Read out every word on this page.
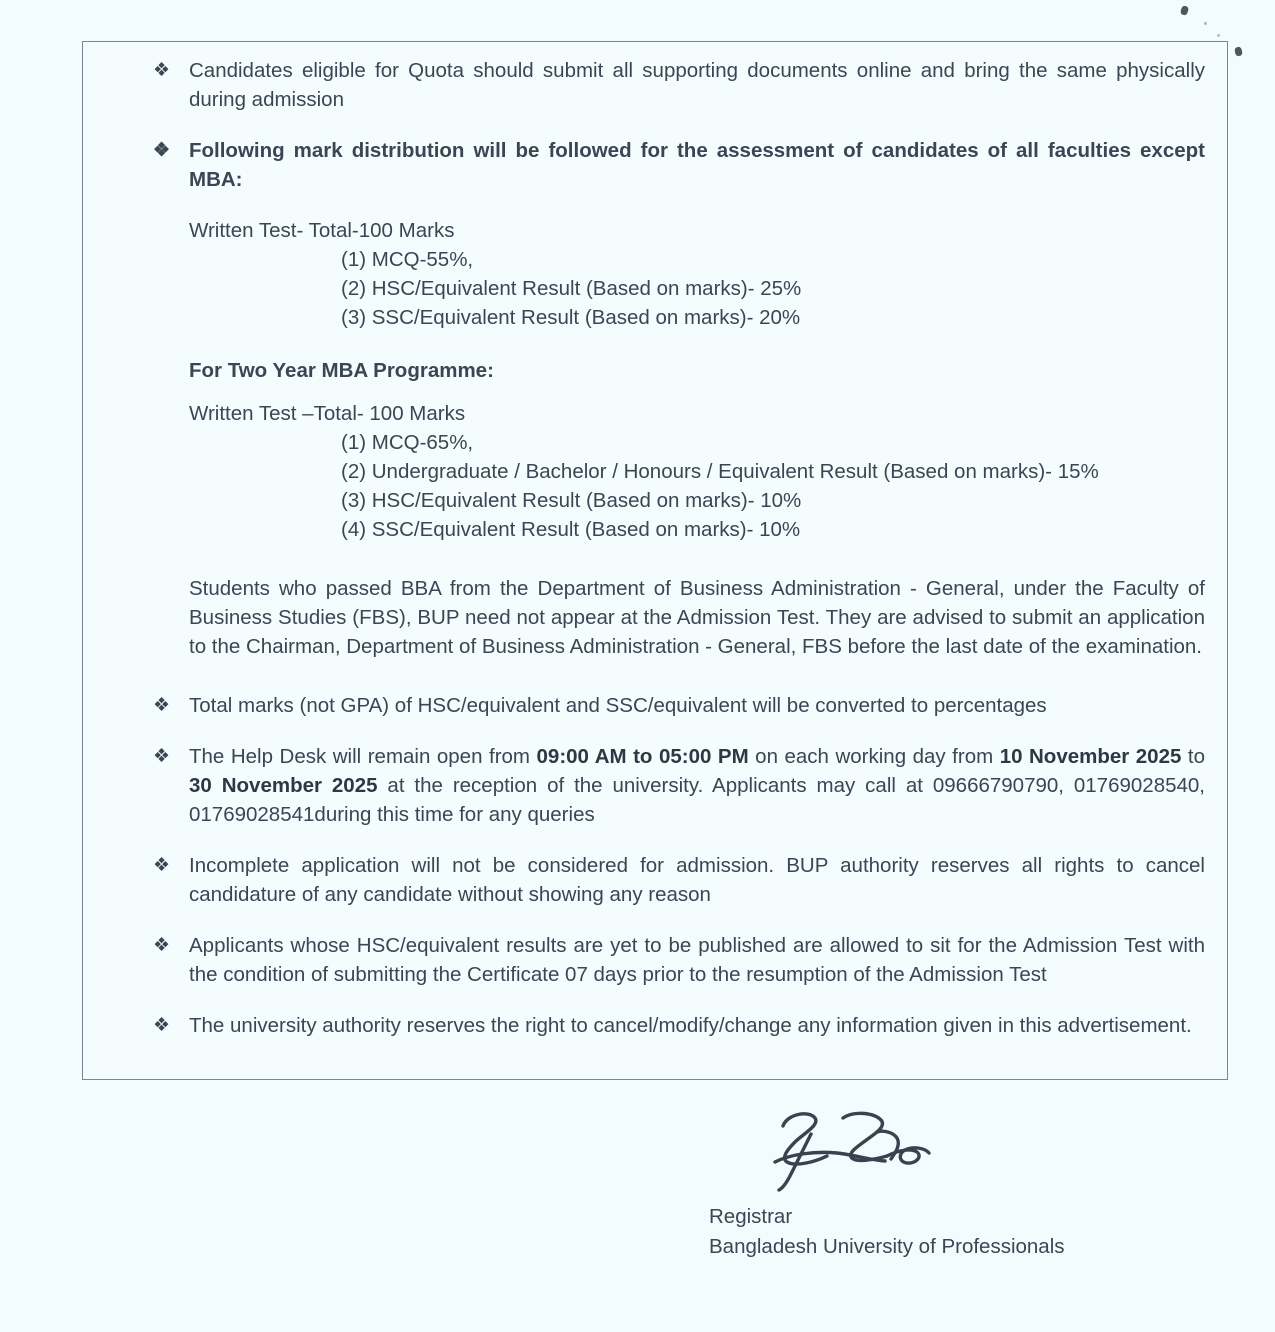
❖ Candidates eligible for Quota should submit all supporting documents online and bring the same physically during admission
❖ Following mark distribution will be followed for the assessment of candidates of all faculties except MBA:

Written Test- Total-100 Marks

(1) MCQ-55%,
(2) HSC/Equivalent Result (Based on marks)- 25%
(3) SSC/Equivalent Result (Based on marks)- 20%

For Two Year MBA Programme:

Written Test –Total- 100 Marks

(1) MCQ-65%,
(2) Undergraduate / Bachelor / Honours / Equivalent Result (Based on marks)- 15%
(3) HSC/Equivalent Result (Based on marks)- 10%
(4) SSC/Equivalent Result (Based on marks)- 10%

Students who passed BBA from the Department of Business Administration - General, under the Faculty of Business Studies (FBS), BUP need not appear at the Admission Test. They are advised to submit an application to the Chairman, Department of Business Administration - General, FBS before the last date of the examination.

❖ Total marks (not GPA) of HSC/equivalent and SSC/equivalent will be converted to percentages
❖ The Help Desk will remain open from 09:00 AM to 05:00 PM on each working day from 10 November 2025 to 30 November 2025 at the reception of the university. Applicants may call at 09666790790, 01769028540, 01769028541during this time for any queries
❖ Incomplete application will not be considered for admission. BUP authority reserves all rights to cancel candidature of any candidate without showing any reason
❖ Applicants whose HSC/equivalent results are yet to be published are allowed to sit for the Admission Test with the condition of submitting the Certificate 07 days prior to the resumption of the Admission Test
❖ The university authority reserves the right to cancel/modify/change any information given in this advertisement.
Registrar
Bangladesh University of Professionals
